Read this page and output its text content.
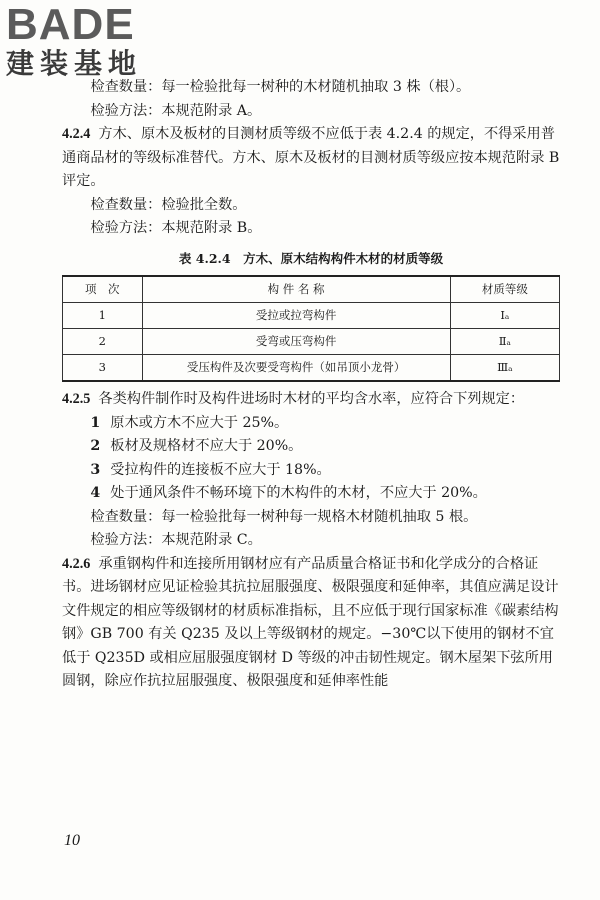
BADE
建装基地

检查数量：每一检验批每一树种的木材随机抽取 3 株（根）。

检验方法：本规范附录 A。

4.2.4 方木、原木及板材的目测材质等级不应低于表 4.2.4 的规定，不得采用普通商品材的等级标准替代。方木、原木及板材的目测材质等级应按本规范附录 B 评定。

检查数量：检验批全数。

检验方法：本规范附录 B。

表 4.2.4　方木、原木结构构件木材的材质等级
项　次	构 件 名 称	材质等级
1	受拉或拉弯构件	Ⅰₐ
2	受弯或压弯构件	Ⅱₐ
3	受压构件及次要受弯构件（如吊顶小龙骨）	Ⅲₐ

4.2.5 各类构件制作时及构件进场时木材的平均含水率，应符合下列规定：

1 原木或方木不应大于 25%。

2 板材及规格材不应大于 20%。

3 受拉构件的连接板不应大于 18%。

4 处于通风条件不畅环境下的木构件的木材，不应大于 20%。

检查数量：每一检验批每一树种每一规格木材随机抽取 5 根。

检验方法：本规范附录 C。

4.2.6 承重钢构件和连接所用钢材应有产品质量合格证书和化学成分的合格证书。进场钢材应见证检验其抗拉屈服强度、极限强度和延伸率，其值应满足设计文件规定的相应等级钢材的材质标准指标，且不应低于现行国家标准《碳素结构钢》GB 700 有关 Q235 及以上等级钢材的规定。−30℃以下使用的钢材不宜低于 Q235D 或相应屈服强度钢材 D 等级的冲击韧性规定。钢木屋架下弦所用圆钢，除应作抗拉屈服强度、极限强度和延伸率性能

10
